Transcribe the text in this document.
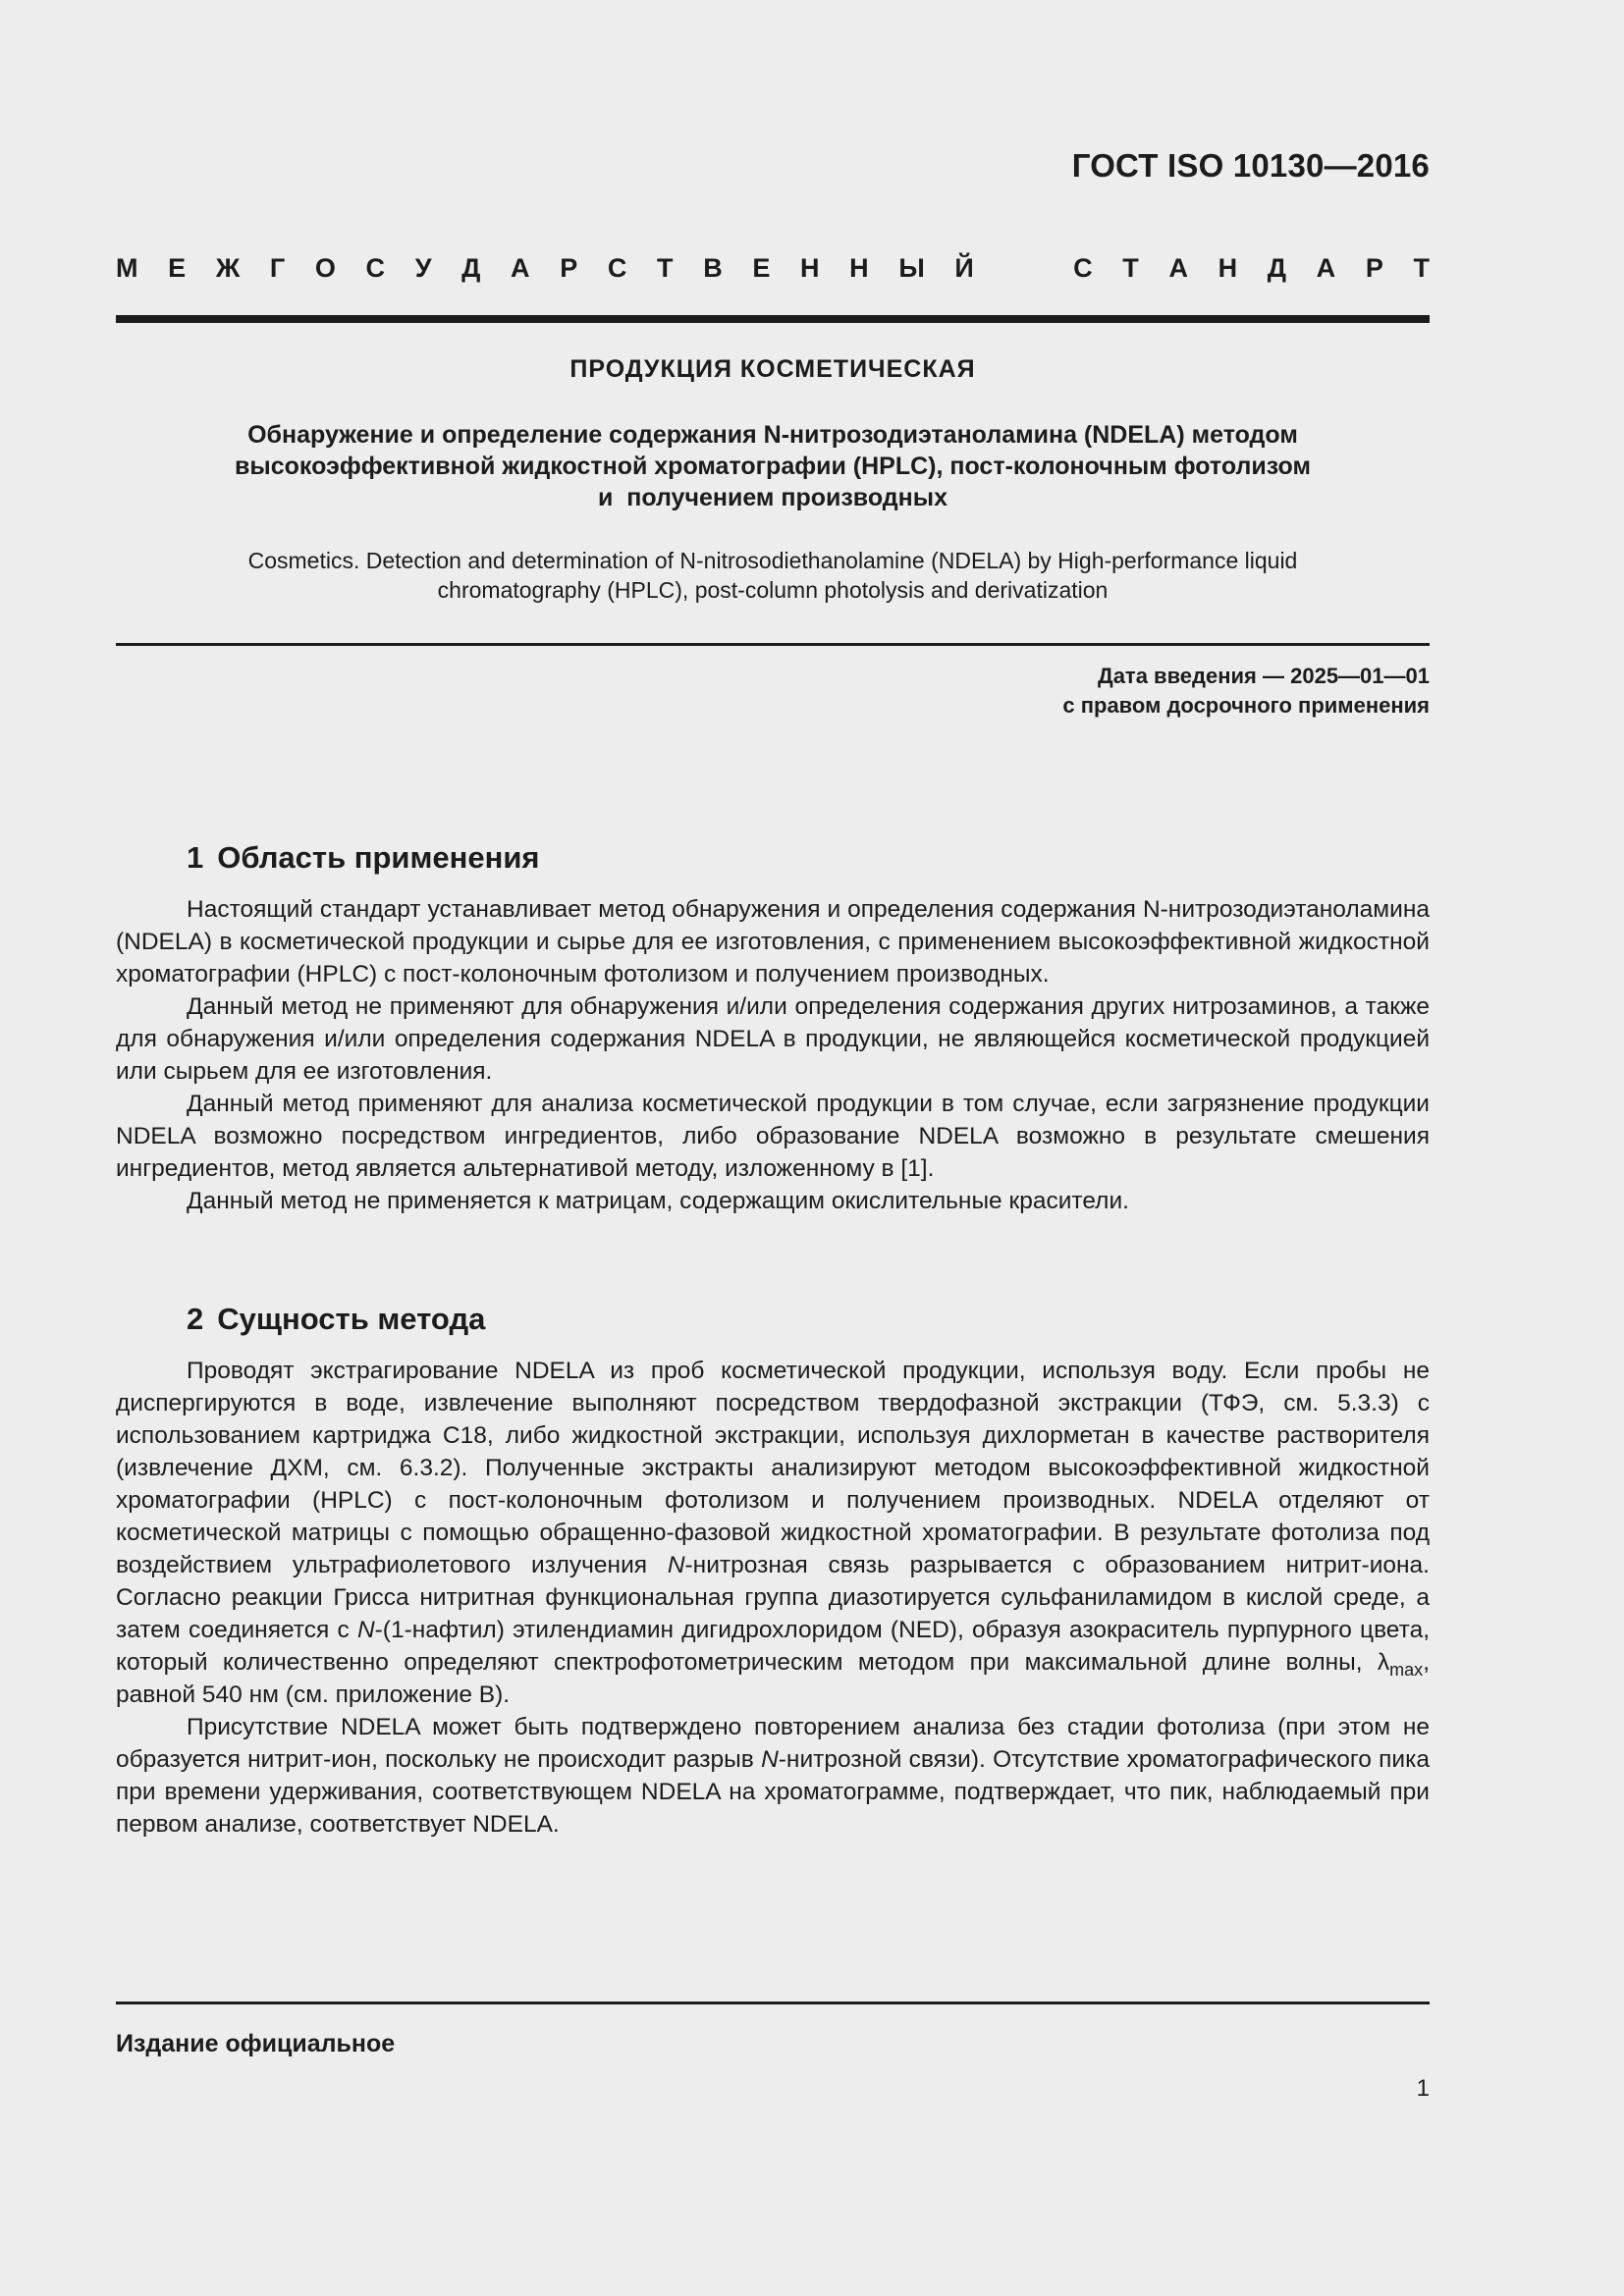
ГОСТ ISO 10130—2016
М Е Ж Г О С У Д А Р С Т В Е Н Н Ы Й	С Т А Н Д А Р Т
ПРОДУКЦИЯ КОСМЕТИЧЕСКАЯ
Обнаружение и определение содержания N-нитрозодиэтаноламина (NDELA) методом
высокоэффективной жидкостной хроматографии (HPLC), пост-колоночным фотолизом
и  получением производных
Cosmetics. Detection and determination of N-nitrosodiethanolamine (NDELA) by High-performance liquid
chromatography (HPLC), post-column photolysis and derivatization
Дата введения — 2025—01—01
с правом досрочного применения
1 Область применения

Настоящий стандарт устанавливает метод обнаружения и определения содержания N-нитрозодиэтаноламина (NDELA) в косметической продукции и сырье для ее изготовления, с применением высокоэффективной жидкостной хроматографии (HPLC) с пост-колоночным фотолизом и получением производных.

Данный метод не применяют для обнаружения и/или определения содержания других нитрозаминов, а также для обнаружения и/или определения содержания NDELA в продукции, не являющейся косметической продукцией или сырьем для ее изготовления.

Данный метод применяют для анализа косметической продукции в том случае, если загрязнение продукции NDELA возможно посредством ингредиентов, либо образование NDELA возможно в результате смешения ингредиентов, метод является альтернативой методу, изложенному в [1].

Данный метод не применяется к матрицам, содержащим окислительные красители.

2 Сущность метода

Проводят экстрагирование NDELA из проб косметической продукции, используя воду. Если пробы не диспергируются в воде, извлечение выполняют посредством твердофазной экстракции (ТФЭ, см. 5.3.3) с использованием картриджа С18, либо жидкостной экстракции, используя дихлорметан в качестве растворителя (извлечение ДХМ, см. 6.3.2). Полученные экстракты анализируют методом высокоэффективной жидкостной хроматографии (HPLC) с пост-колоночным фотолизом и получением производных. NDELA отделяют от косметической матрицы с помощью обращенно-фазовой жидкостной хроматографии. В результате фотолиза под воздействием ультрафиолетового излучения N-нитрозная связь разрывается с образованием нитрит-иона. Согласно реакции Грисса нитритная функциональная группа диазотируется сульфаниламидом в кислой среде, а затем соединяется с N-(1-нафтил) этилендиамин дигидрохлоридом (NED), образуя азокраситель пурпурного цвета, который количественно определяют спектрофотометрическим методом при максимальной длине волны, $\lambda_{max}$, равной 540 нм (см. приложение В).

Присутствие NDELA может быть подтверждено повторением анализа без стадии фотолиза (при этом не образуется нитрит-ион, поскольку не происходит разрыв N-нитрозной связи). Отсутствие хроматографического пика при времени удерживания, соответствующем NDELA на хроматограмме, подтверждает, что пик, наблюдаемый при первом анализе, соответствует NDELA.

Издание официальное
1
